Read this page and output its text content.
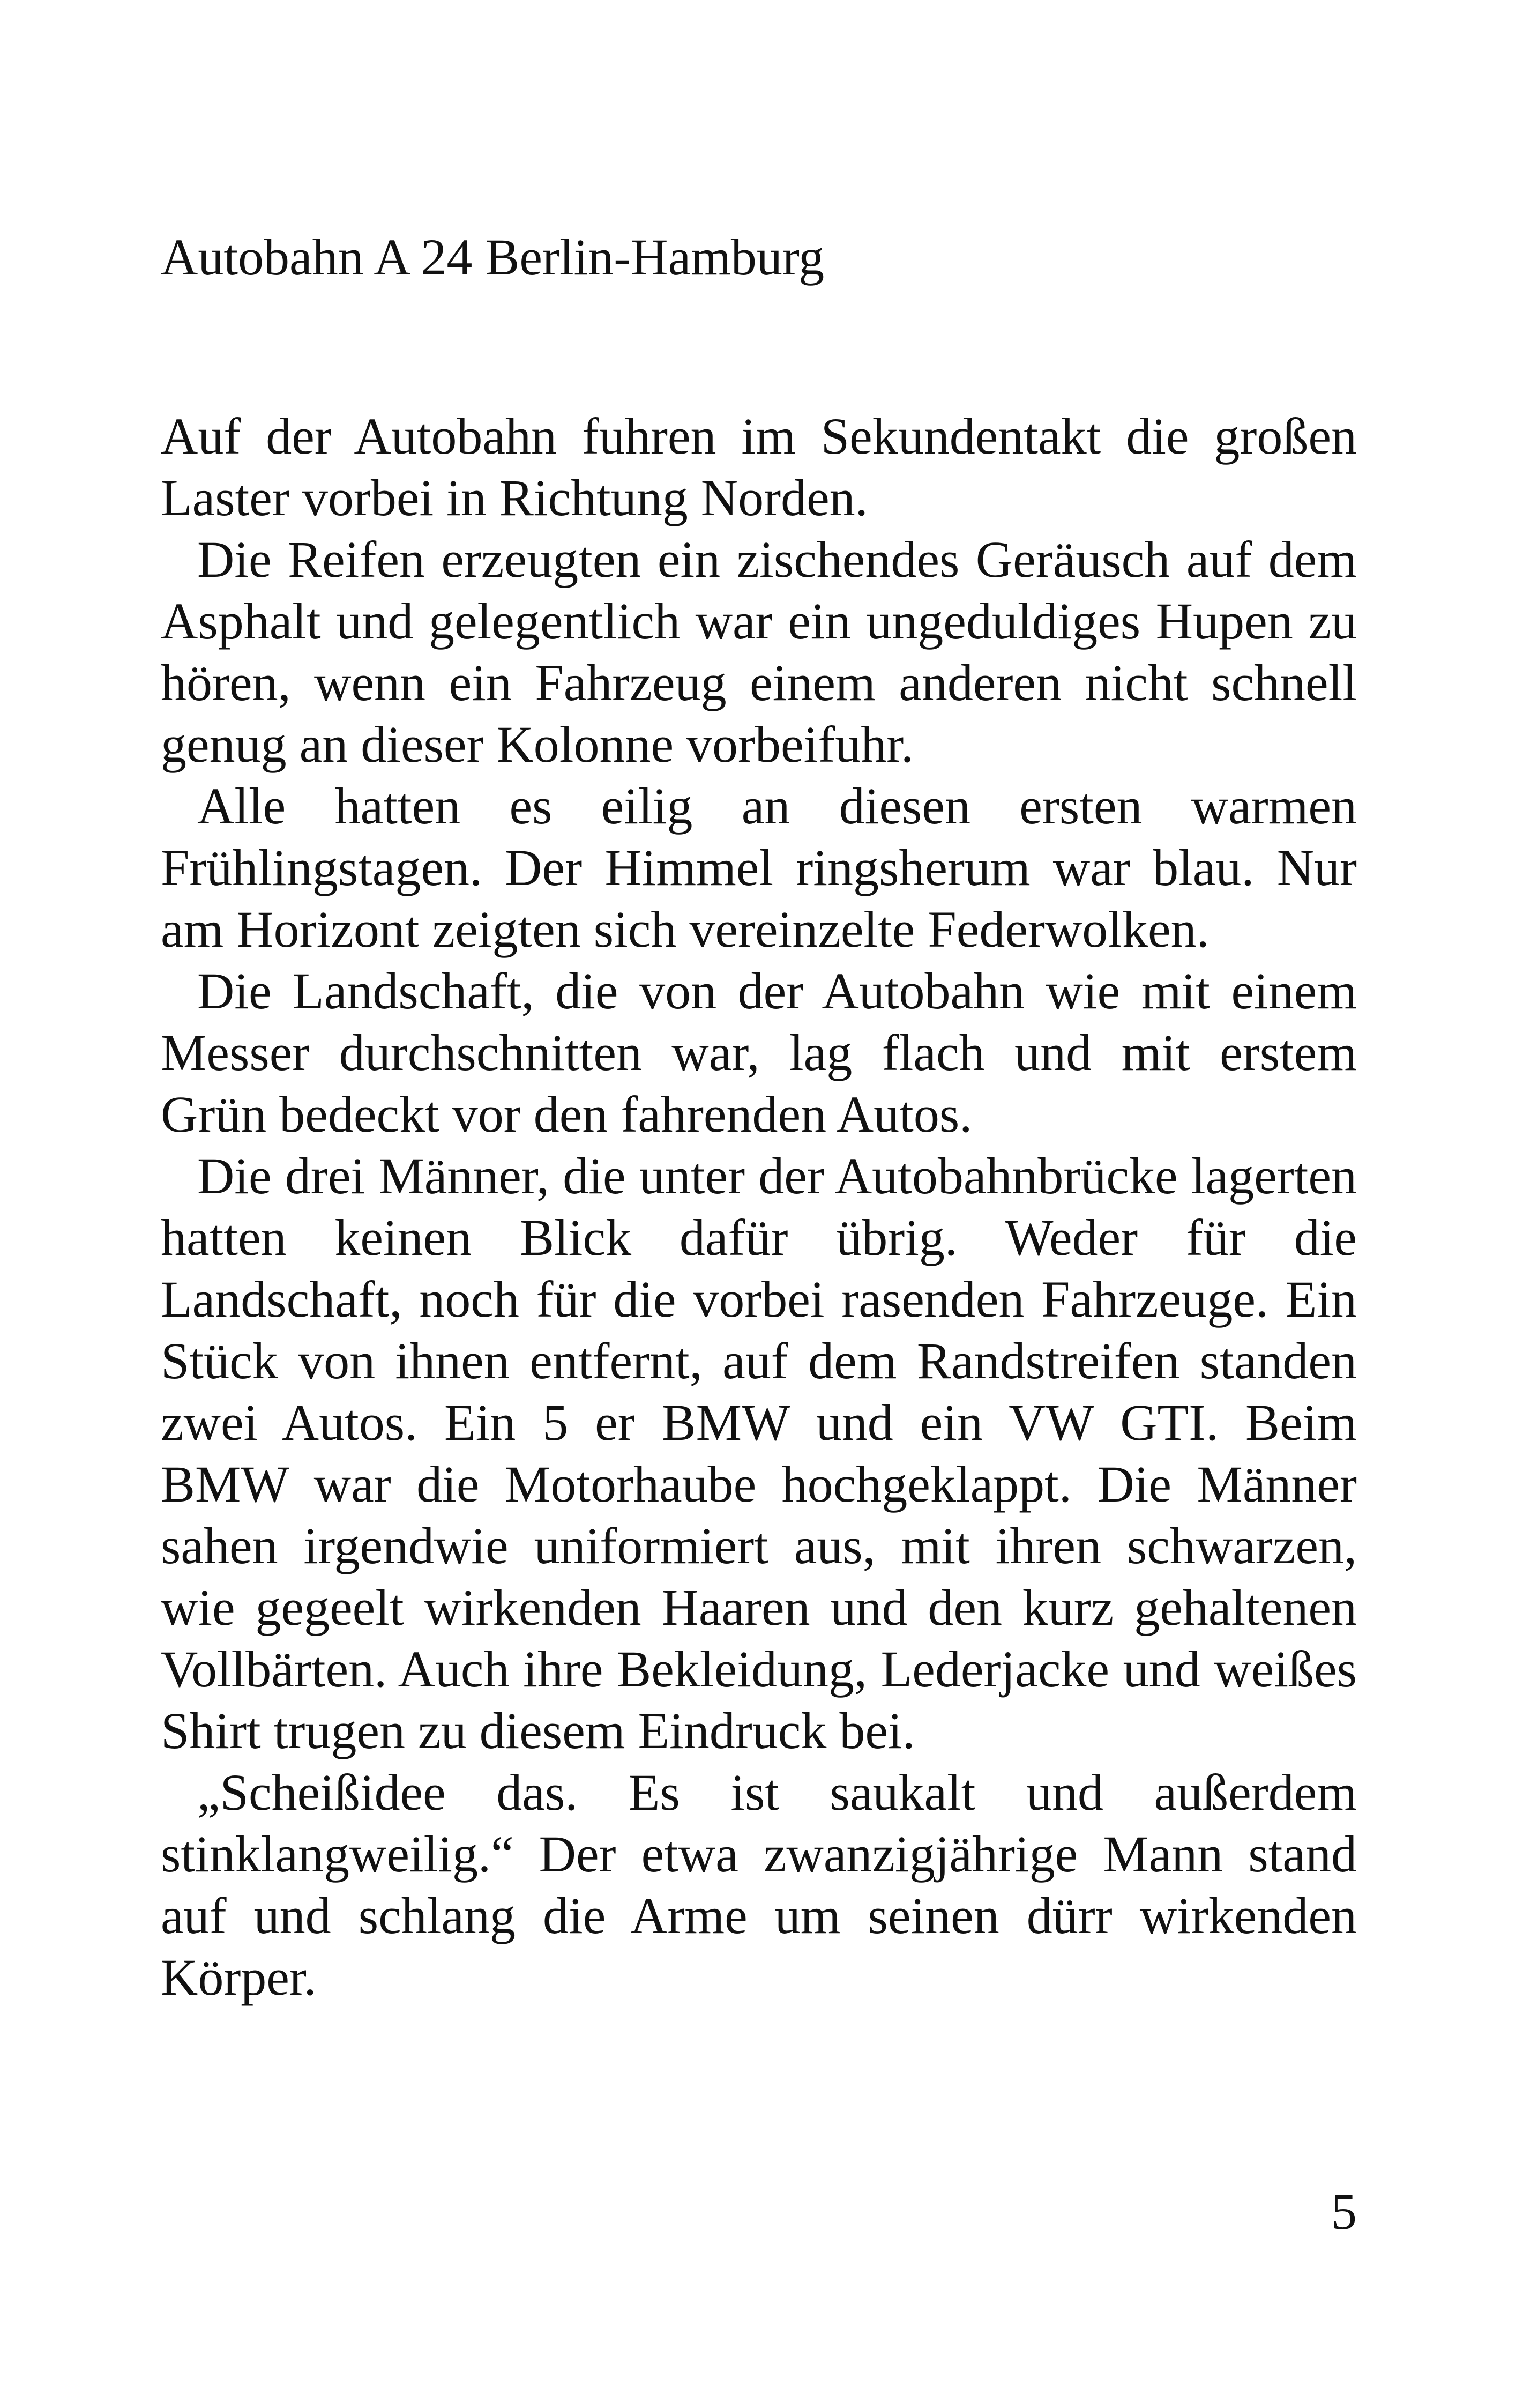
Autobahn A 24 Berlin-Hamburg

Auf der Autobahn fuhren im Sekundentakt die großen Laster vorbei in Richtung Norden.

Die Reifen erzeugten ein zischendes Geräusch auf dem Asphalt und gelegentlich war ein ungeduldiges Hupen zu hören, wenn ein Fahrzeug einem anderen nicht schnell genug an dieser Kolonne vorbeifuhr.

Alle hatten es eilig an diesen ersten warmen Frühlingstagen. Der Himmel ringsherum war blau. Nur am Horizont zeigten sich vereinzelte Federwolken.

Die Landschaft, die von der Autobahn wie mit einem Messer durchschnitten war, lag flach und mit erstem Grün bedeckt vor den fahrenden Autos.

Die drei Männer, die unter der Autobahnbrücke lagerten hatten keinen Blick dafür übrig. Weder für die Landschaft, noch für die vorbei rasenden Fahrzeuge. Ein Stück von ihnen entfernt, auf dem Randstreifen standen zwei Autos. Ein 5 er BMW und ein VW GTI. Beim BMW war die Motorhaube hochgeklappt. Die Männer sahen irgendwie uniformiert aus, mit ihren schwarzen, wie gegeelt wirkenden Haaren und den kurz gehaltenen Vollbärten. Auch ihre Bekleidung, Lederjacke und weißes Shirt trugen zu diesem Eindruck bei.

„Scheißidee das. Es ist saukalt und außerdem stinklangweilig.“ Der etwa zwanzigjährige Mann stand auf und schlang die Arme um seinen dürr wirkenden Körper.

5
